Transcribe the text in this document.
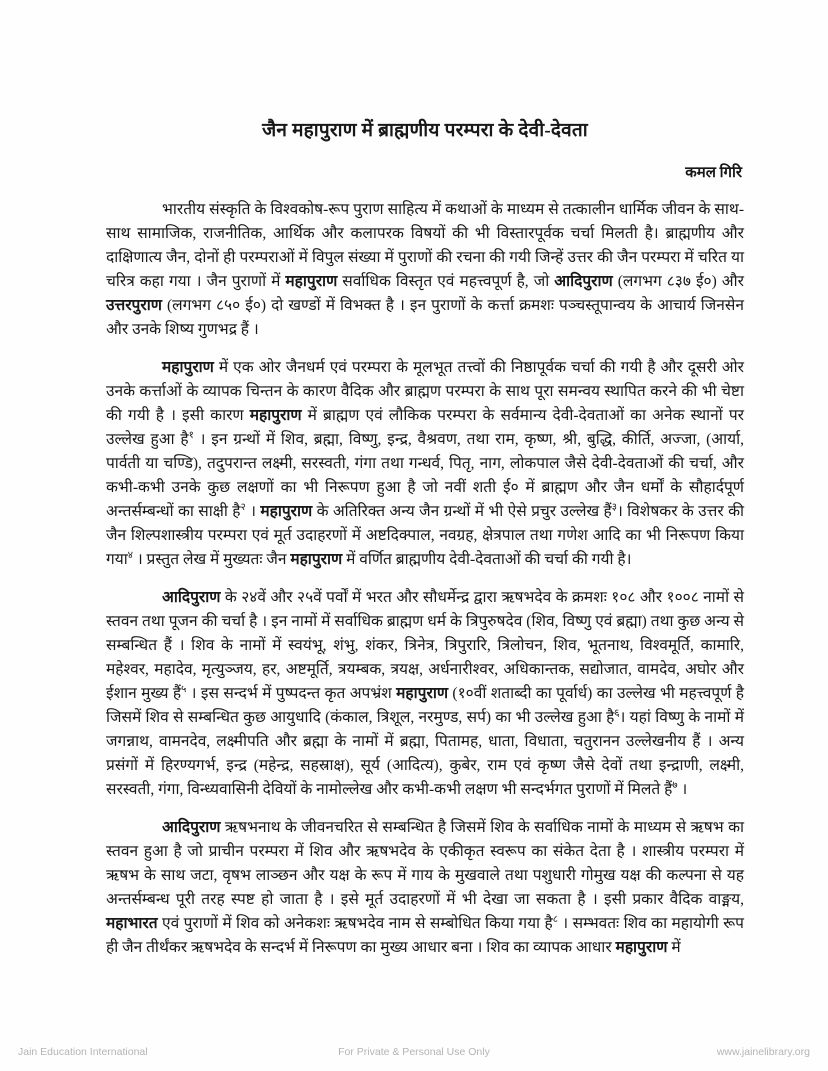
जैन महापुराण में ब्राह्मणीय परम्परा के देवी-देवता
कमल गिरि

भारतीय संस्कृति के विश्वकोष-रूप पुराण साहित्य में कथाओं के माध्यम से तत्कालीन धार्मिक जीवन के साथ-साथ सामाजिक, राजनीतिक, आर्थिक और कलापरक विषयों की भी विस्तारपूर्वक चर्चा मिलती है। ब्राह्मणीय और दाक्षिणात्य जैन, दोनों ही परम्पराओं में विपुल संख्या में पुराणों की रचना की गयी जिन्हें उत्तर की जैन परम्परा में चरित या चरित्र कहा गया । जैन पुराणों में महापुराण सर्वाधिक विस्तृत एवं महत्त्वपूर्ण है, जो आदिपुराण (लगभग ८३७ ई०) और उत्तरपुराण (लगभग ८५० ई०) दो खण्डों में विभक्त है । इन पुराणों के कर्त्ता क्रमशः पञ्चस्तूपान्वय के आचार्य जिनसेन और उनके शिष्य गुणभद्र हैं ।

महापुराण में एक ओर जैनधर्म एवं परम्परा के मूलभूत तत्त्वों की निष्ठापूर्वक चर्चा की गयी है और दूसरी ओर उनके कर्त्ताओं के व्यापक चिन्तन के कारण वैदिक और ब्राह्मण परम्परा के साथ पूरा समन्वय स्थापित करने की भी चेष्टा की गयी है । इसी कारण महापुराण में ब्राह्मण एवं लौकिक परम्परा के सर्वमान्य देवी-देवताओं का अनेक स्थानों पर उल्लेख हुआ है$^१$ । इन ग्रन्थों में शिव, ब्रह्मा, विष्णु, इन्द्र, वैश्रवण, तथा राम, कृष्ण, श्री, बुद्धि, कीर्ति, अज्जा, (आर्या, पार्वती या चण्डि), तदुपरान्त लक्ष्मी, सरस्वती, गंगा तथा गन्धर्व, पितृ, नाग, लोकपाल जैसे देवी-देवताओं की चर्चा, और कभी-कभी उनके कुछ लक्षणों का भी निरूपण हुआ है जो नवीं शती ई० में ब्राह्मण और जैन धर्मों के सौहार्दपूर्ण अन्तर्सम्बन्धों का साक्षी है$^२$ । महापुराण के अतिरिक्त अन्य जैन ग्रन्थों में भी ऐसे प्रचुर उल्लेख हैं$^३$। विशेषकर के उत्तर की जैन शिल्पशास्त्रीय परम्परा एवं मूर्त उदाहरणों में अष्टदिक्पाल, नवग्रह, क्षेत्रपाल तथा गणेश आदि का भी निरूपण किया गया$^४$ । प्रस्तुत लेख में मुख्यतः जैन महापुराण में वर्णित ब्राह्मणीय देवी-देवताओं की चर्चा की गयी है।

आदिपुराण के २४वें और २५वें पर्वों में भरत और सौधर्मेन्द्र द्वारा ऋषभदेव के क्रमशः १०८ और १००८ नामों से स्तवन तथा पूजन की चर्चा है । इन नामों में सर्वाधिक ब्राह्मण धर्म के त्रिपुरुषदेव (शिव, विष्णु एवं ब्रह्मा) तथा कुछ अन्य से सम्बन्धित हैं । शिव के नामों में स्वयंभू, शंभु, शंकर, त्रिनेत्र, त्रिपुरारि, त्रिलोचन, शिव, भूतनाथ, विश्वमूर्ति, कामारि, महेश्वर, महादेव, मृत्युञ्जय, हर, अष्टमूर्ति, त्रयम्बक, त्रयक्ष, अर्धनारीश्वर, अधिकान्तक, सद्योजात, वामदेव, अघोर और ईशान मुख्य हैं$^५$ । इस सन्दर्भ में पुष्पदन्त कृत अपभ्रंश महापुराण (१०वीं शताब्दी का पूर्वार्ध) का उल्लेख भी महत्त्वपूर्ण है जिसमें शिव से सम्बन्धित कुछ आयुधादि (कंकाल, त्रिशूल, नरमुण्ड, सर्प) का भी उल्लेख हुआ है$^६$। यहां विष्णु के नामों में जगन्नाथ, वामनदेव, लक्ष्मीपति और ब्रह्मा के नामों में ब्रह्मा, पितामह, धाता, विधाता, चतुरानन उल्लेखनीय हैं । अन्य प्रसंगों में हिरण्यगर्भ, इन्द्र (महेन्द्र, सहस्राक्ष), सूर्य (आदित्य), कुबेर, राम एवं कृष्ण जैसे देवों तथा इन्द्राणी, लक्ष्मी, सरस्वती, गंगा, विन्ध्यवासिनी देवियों के नामोल्लेख और कभी-कभी लक्षण भी सन्दर्भगत पुराणों में मिलते हैं$^७$ ।

आदिपुराण ऋषभनाथ के जीवनचरित से सम्बन्धित है जिसमें शिव के सर्वाधिक नामों के माध्यम से ऋषभ का स्तवन हुआ है जो प्राचीन परम्परा में शिव और ऋषभदेव के एकीकृत स्वरूप का संकेत देता है । शास्त्रीय परम्परा में ऋषभ के साथ जटा, वृषभ लाञ्छन और यक्ष के रूप में गाय के मुखवाले तथा पशुधारी गोमुख यक्ष की कल्पना से यह अन्तर्सम्बन्ध पूरी तरह स्पष्ट हो जाता है । इसे मूर्त उदाहरणों में भी देखा जा सकता है । इसी प्रकार वैदिक वाङ्मय, महाभारत एवं पुराणों में शिव को अनेकशः ऋषभदेव नाम से सम्बोधित किया गया है$^८$ । सम्भवतः शिव का महायोगी रूप ही जैन तीर्थंकर ऋषभदेव के सन्दर्भ में निरूपण का मुख्य आधार बना । शिव का व्यापक आधार महापुराण में

Jain Education International	For Private & Personal Use Only	www.jainelibrary.org
